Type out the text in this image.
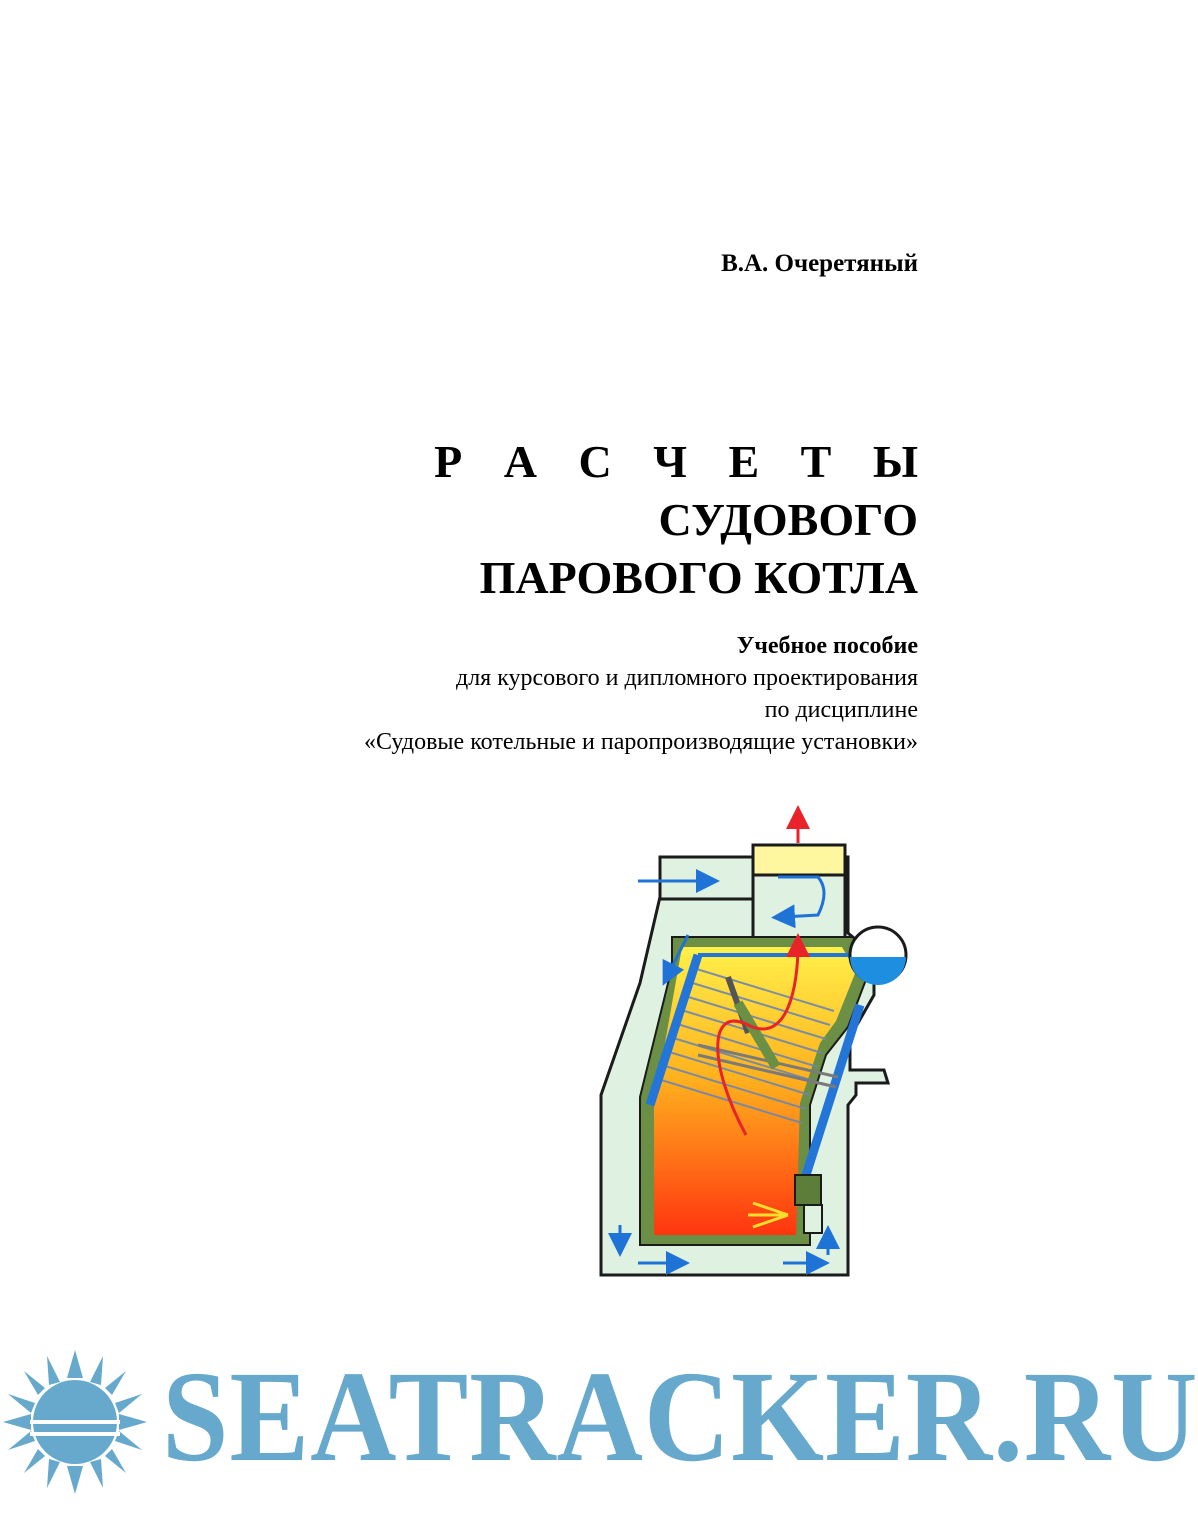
В.А. Очеретяный
Р А С Ч Е Т Ы
СУДОВОГО
ПАРОВОГО КОТЛА
Учебное пособие
для курсового и дипломного проектирования
по дисциплине
«Судовые котельные и паропроизводящие установки»
SEATRACKER.RU
